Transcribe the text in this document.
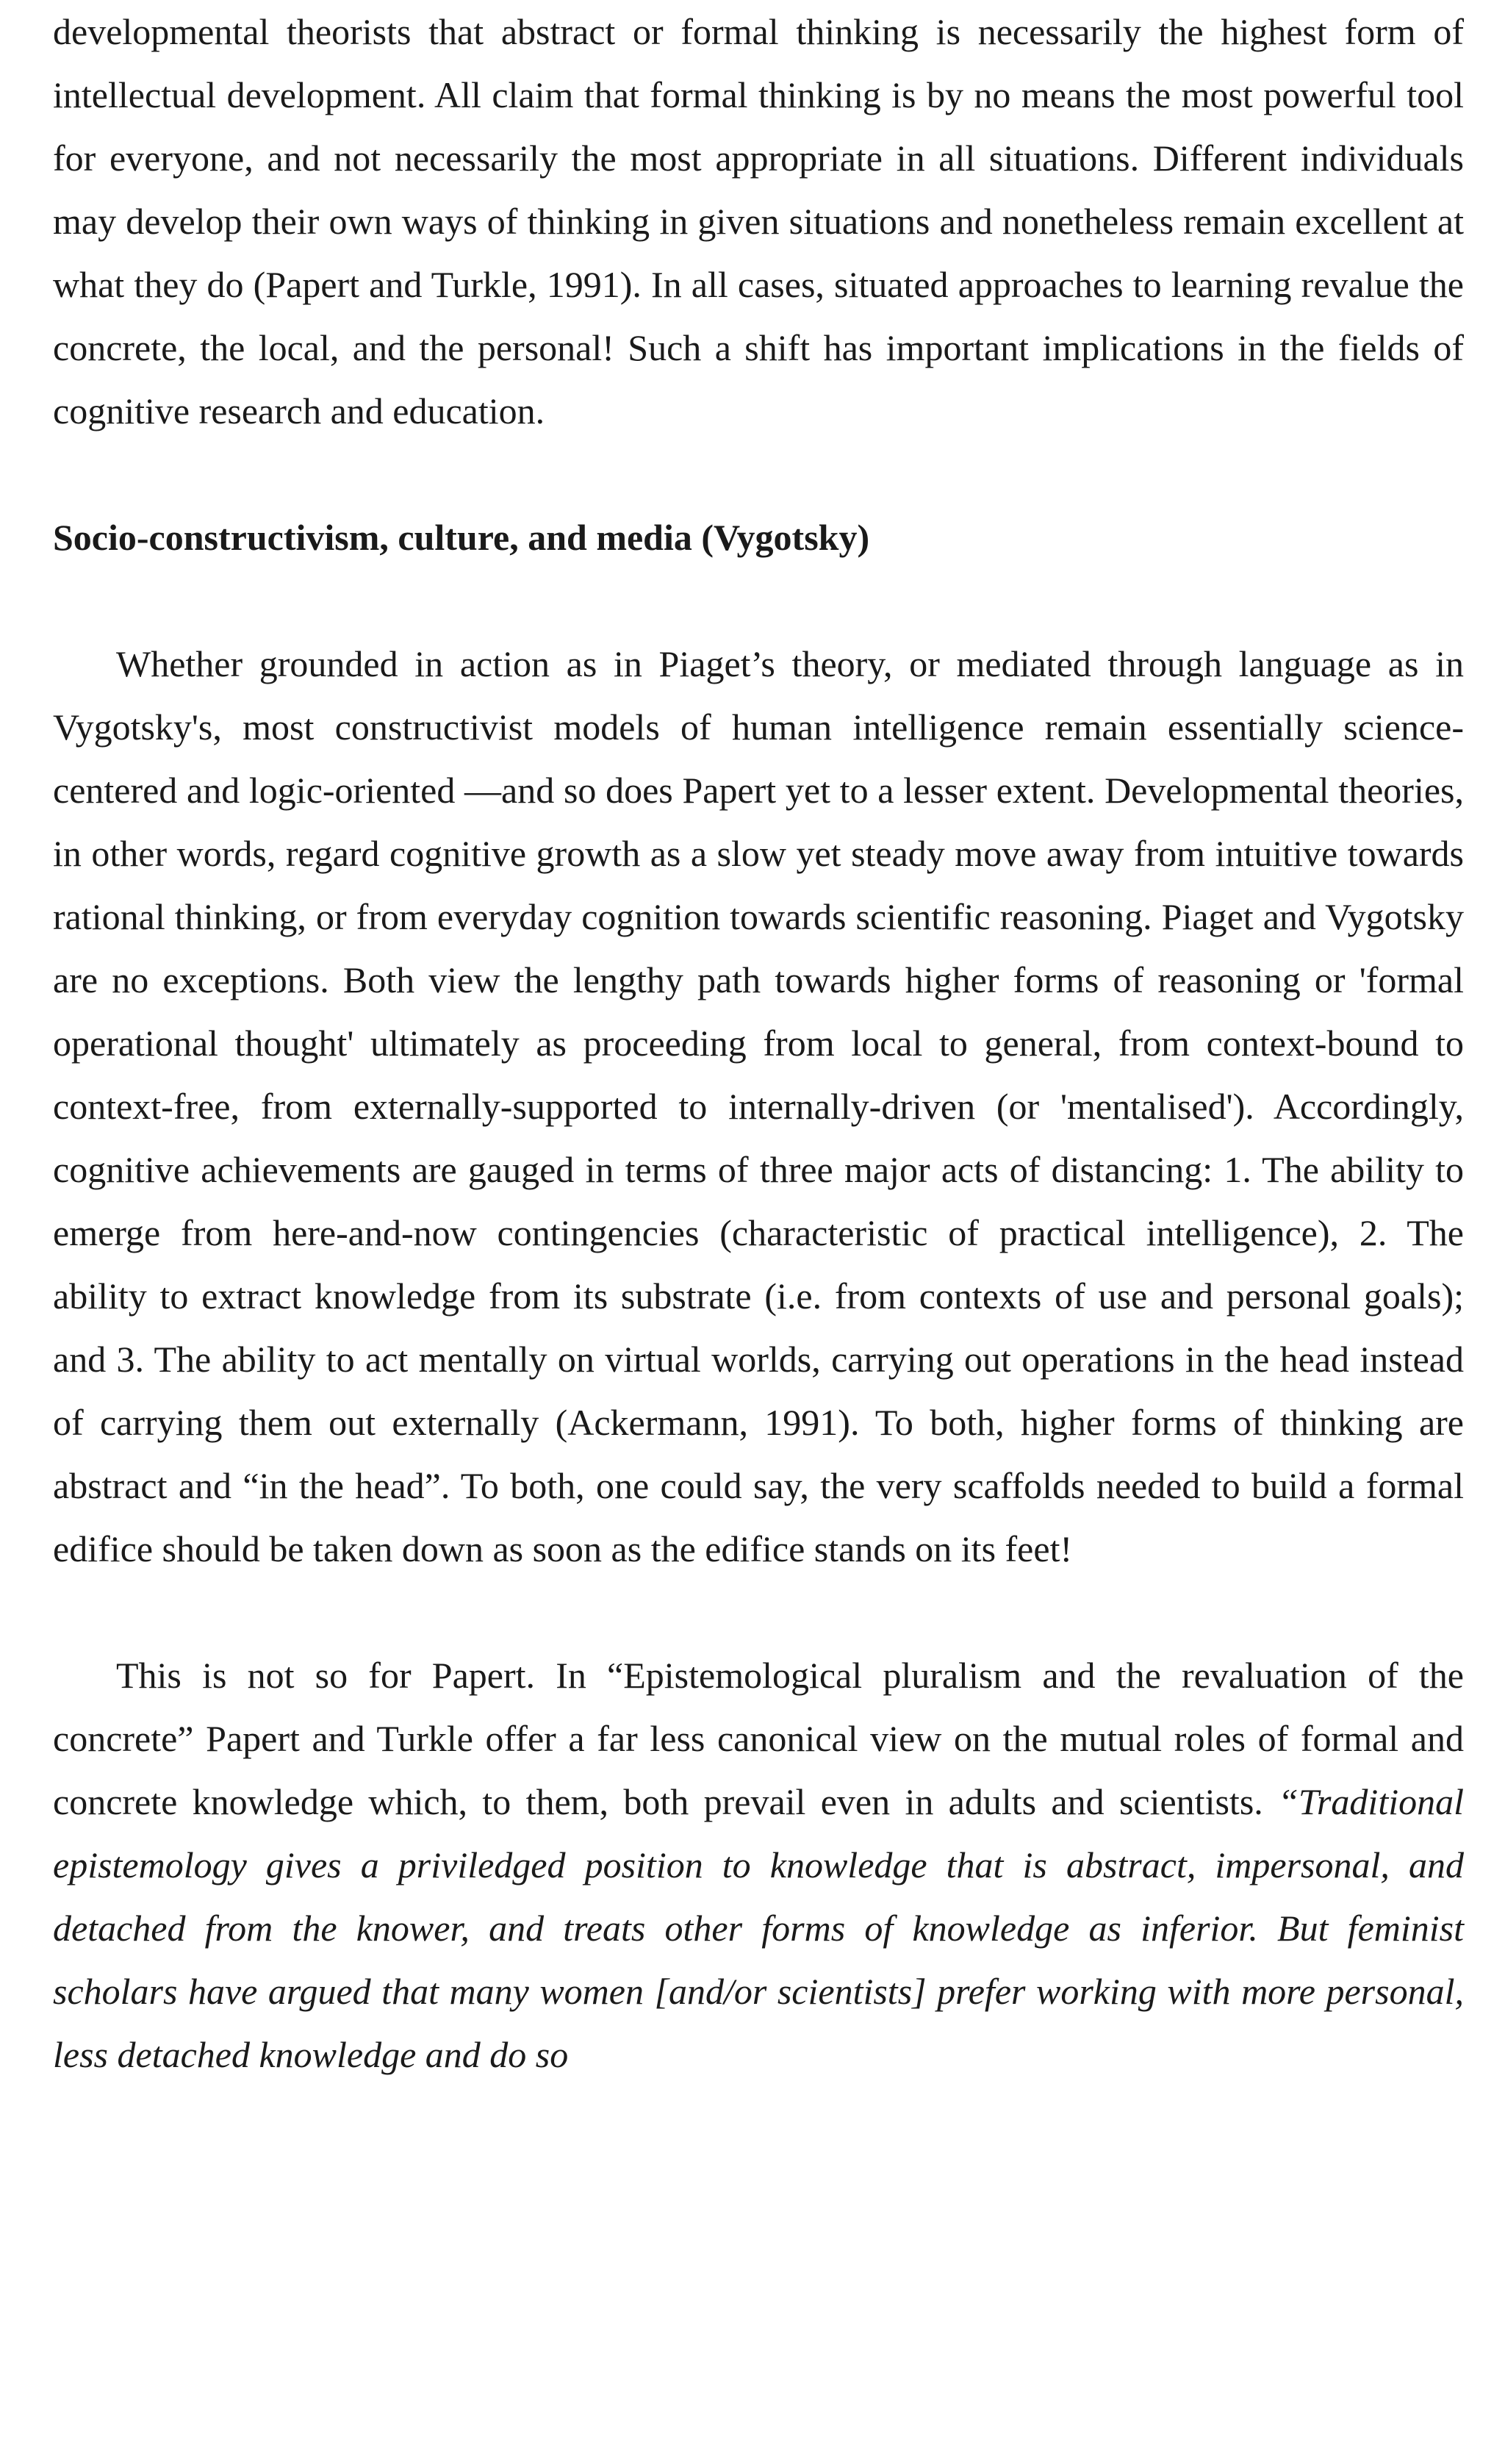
developmental theorists that abstract or formal thinking is necessarily the highest form of intellectual development. All claim that formal thinking is by no means the most powerful tool for everyone, and not necessarily the most appropriate in all situations. Different individuals may develop their own ways of thinking in given situations and nonetheless remain excellent at what they do (Papert and Turkle, 1991). In all cases, situated approaches to learning revalue the concrete, the local, and the personal! Such a shift has important implications in the fields of cognitive research and education.

Socio-constructivism, culture, and media (Vygotsky)

Whether grounded in action as in Piaget’s theory, or mediated through language as in Vygotsky's, most constructivist models of human intelligence remain essentially science-centered and logic-oriented —and so does Papert yet to a lesser extent. Developmental theories, in other words, regard cognitive growth as a slow yet steady move away from intuitive towards rational thinking, or from everyday cognition towards scientific reasoning. Piaget and Vygotsky are no exceptions. Both view the lengthy path towards higher forms of reasoning or 'formal operational thought' ultimately as proceeding from local to general, from context-bound to context-free, from externally-supported to internally-driven (or 'mentalised'). Accordingly, cognitive achievements are gauged in terms of three major acts of distancing: 1. The ability to emerge from here-and-now contingencies (characteristic of practical intelligence), 2. The ability to extract knowledge from its substrate (i.e. from contexts of use and personal goals); and 3. The ability to act mentally on virtual worlds, carrying out operations in the head instead of carrying them out externally (Ackermann, 1991). To both, higher forms of thinking are abstract and “in the head”. To both, one could say, the very scaffolds needed to build a formal edifice should be taken down as soon as the edifice stands on its feet!

This is not so for Papert. In “Epistemological pluralism and the revaluation of the concrete” Papert and Turkle offer a far less canonical view on the mutual roles of formal and concrete knowledge which, to them, both prevail even in adults and scientists. “Traditional epistemology gives a priviledged position to knowledge that is abstract, impersonal, and detached from the knower, and treats other forms of knowledge as inferior. But feminist scholars have argued that many women [and/or scientists] prefer working with more personal, less detached knowledge and do so
